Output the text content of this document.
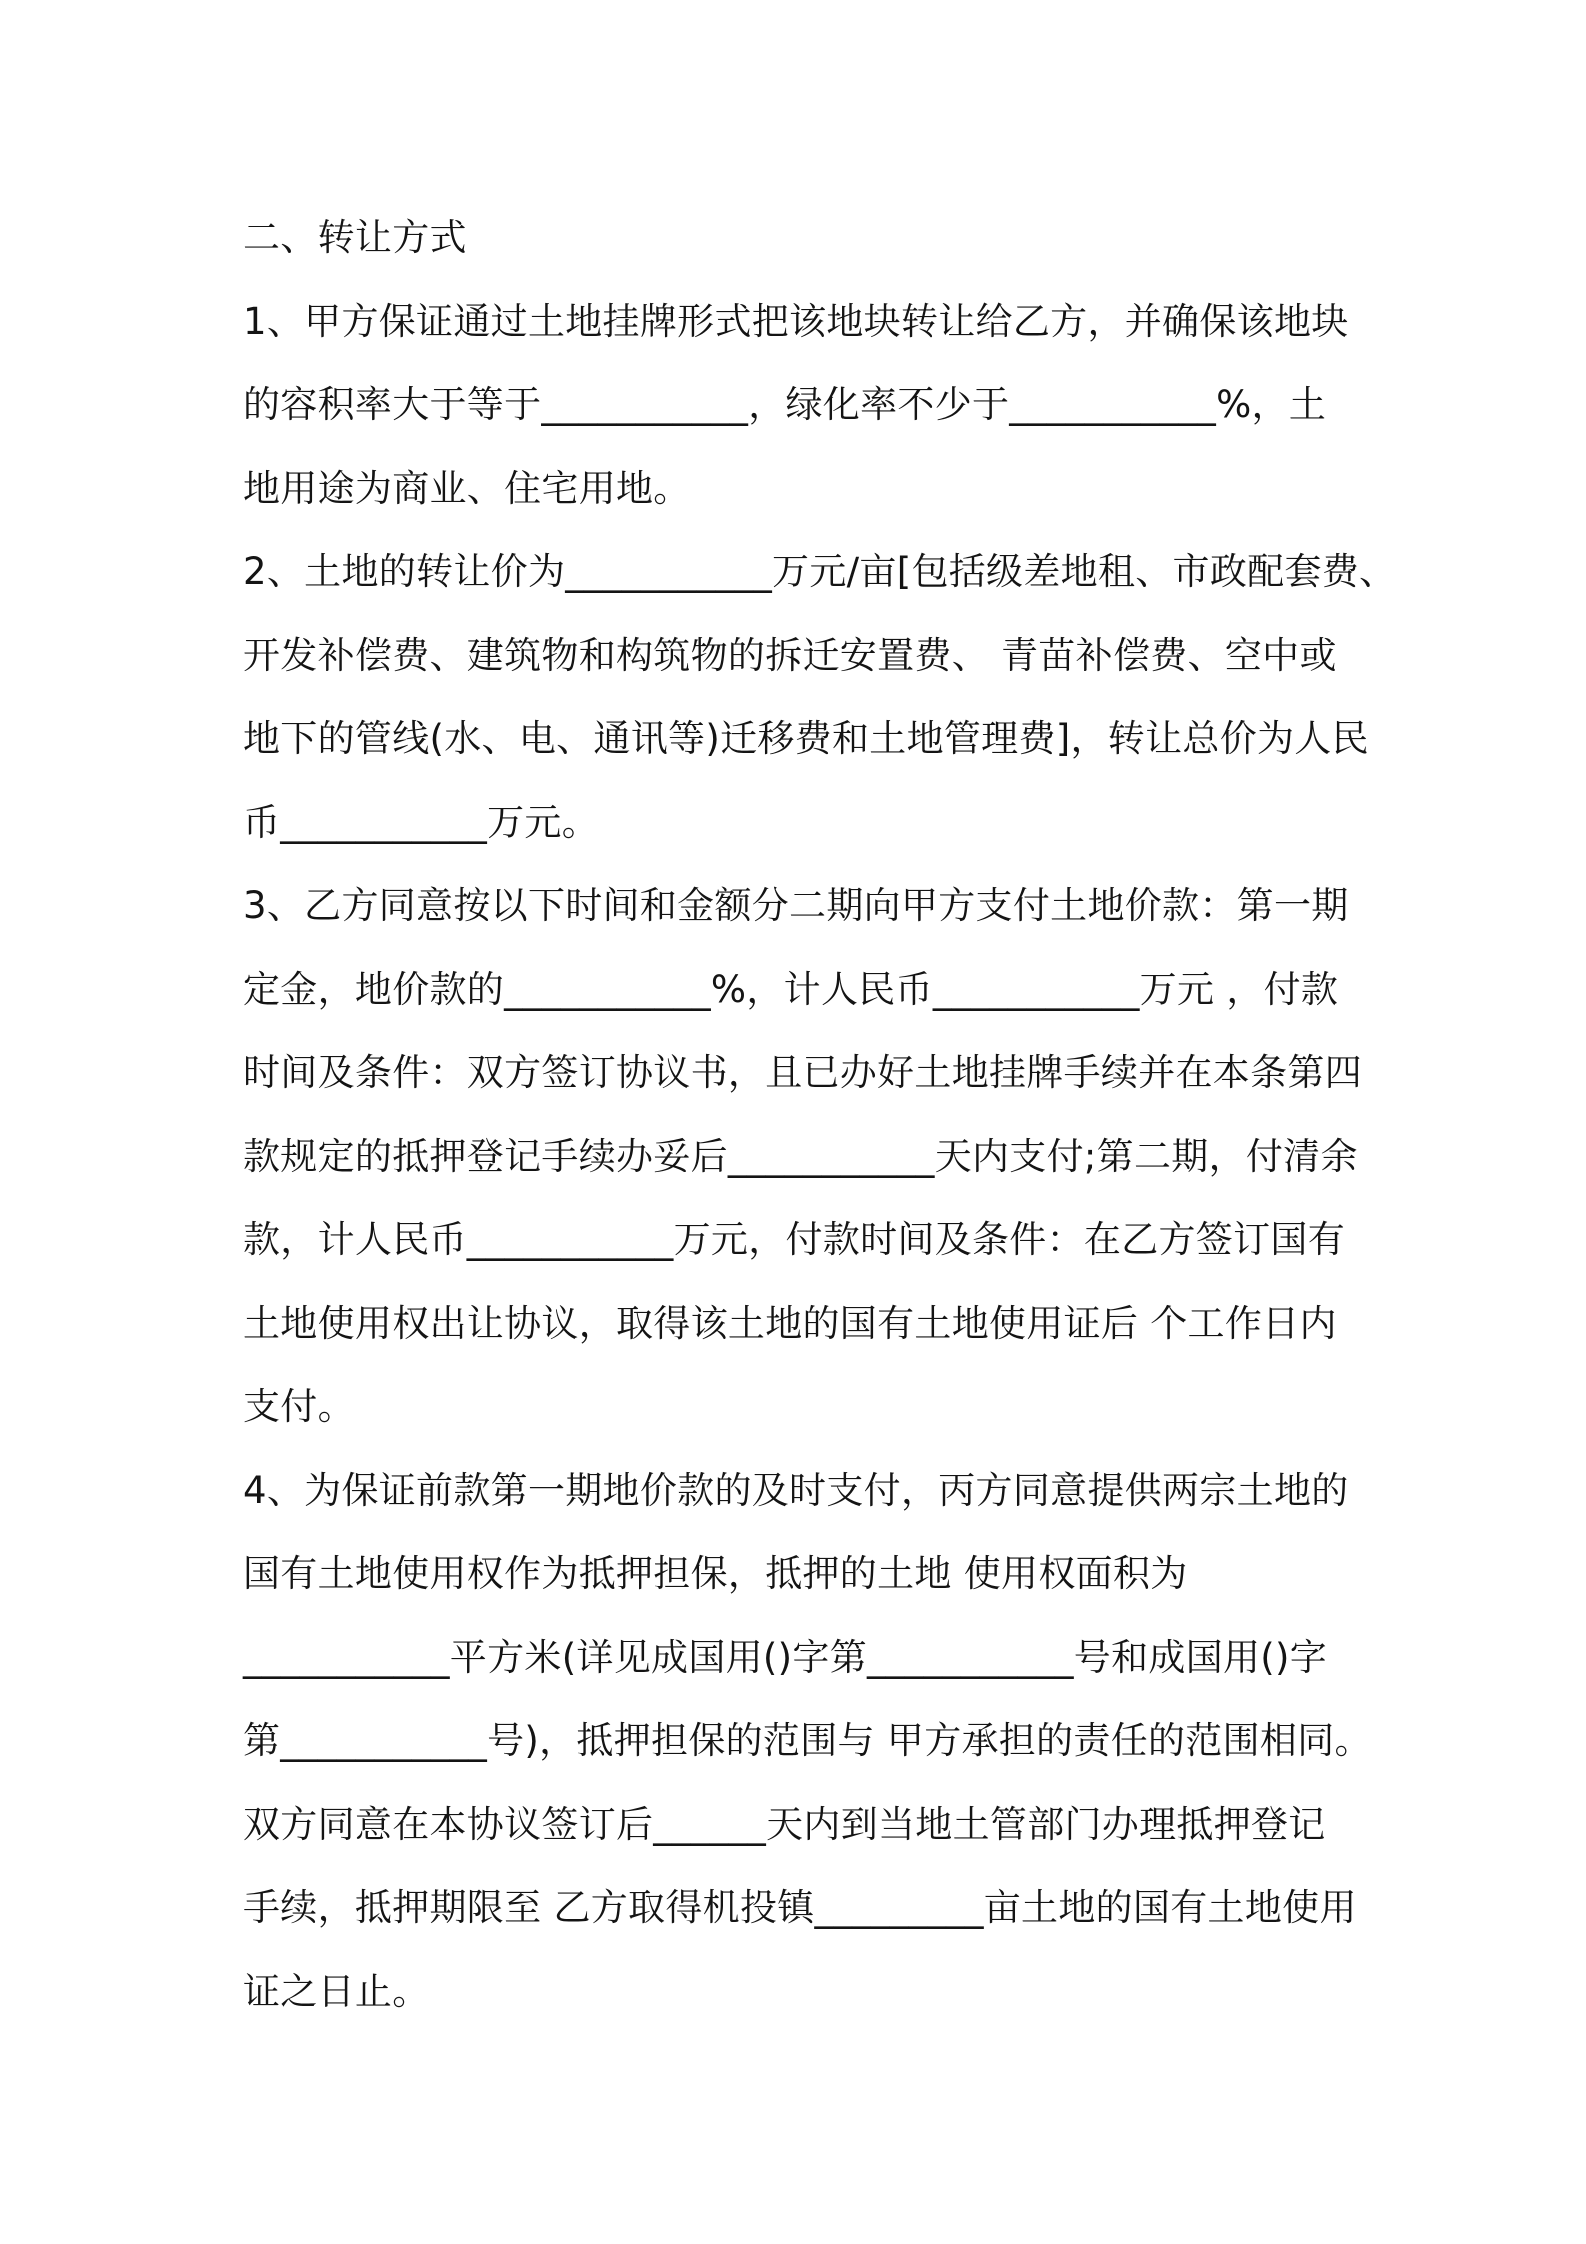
二、转让方式
1、甲方保证通过土地挂牌形式把该地块转让给乙方，并确保该地块
的容积率大于等于___________，绿化率不少于___________%，土
地用途为商业、住宅用地。
2、土地的转让价为___________万元/亩[包括级差地租、市政配套费、
开发补偿费、建筑物和构筑物的拆迁安置费、 青苗补偿费、空中或
地下的管线(水、电、通讯等)迁移费和土地管理费]，转让总价为人民
币___________万元。
3、乙方同意按以下时间和金额分二期向甲方支付土地价款：第一期
定金，地价款的___________%，计人民币___________万元 ，付款
时间及条件：双方签订协议书，且已办好土地挂牌手续并在本条第四
款规定的抵押登记手续办妥后___________天内支付;第二期，付清余
款，计人民币___________万元，付款时间及条件：在乙方签订国有
土地使用权出让协议，取得该土地的国有土地使用证后 个工作日内
支付。
4、为保证前款第一期地价款的及时支付，丙方同意提供两宗土地的
国有土地使用权作为抵押担保，抵押的土地 使用权面积为
___________平方米(详见成国用()字第___________号和成国用()字
第___________号)，抵押担保的范围与 甲方承担的责任的范围相同。
双方同意在本协议签订后______天内到当地土管部门办理抵押登记
手续，抵押期限至 乙方取得机投镇_________亩土地的国有土地使用
证之日止。
